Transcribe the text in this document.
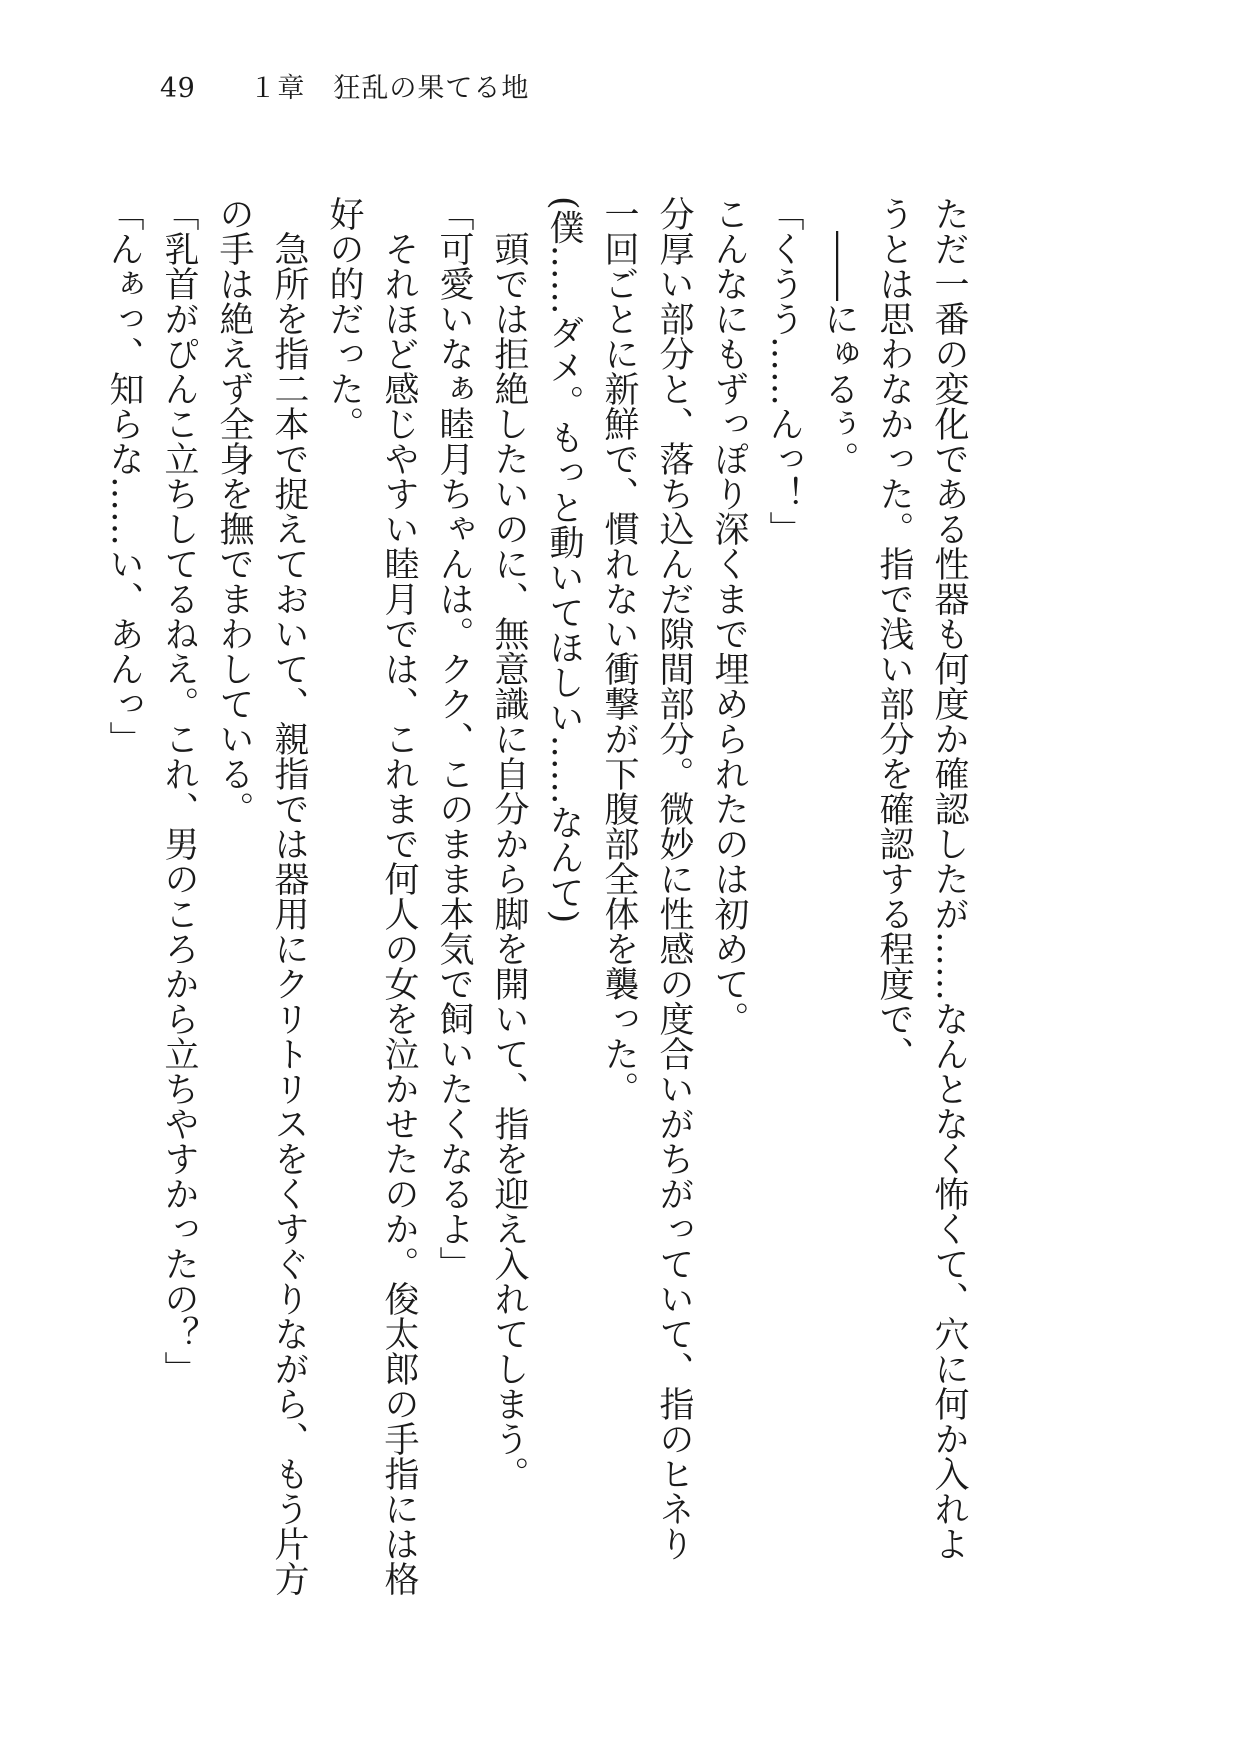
49 １章　狂乱の果てる地
ただ一番の変化である性器も何度か確認したが……なんとなく怖くて、穴に何か入れよ
うとは思わなかった。指で浅い部分を確認する程度で、
　――にゅるぅ。
「くうう……んっ！」
こんなにもずっぽり深くまで埋められたのは初めて。
分厚い部分と、落ち込んだ隙間部分。微妙に性感の度合いがちがっていて、指のヒネり
一回ごとに新鮮で、慣れない衝撃が下腹部全体を襲った。
(僕……ダメ。もっと動いてほしい……なんて)
　頭では拒絶したいのに、無意識に自分から脚を開いて、指を迎え入れてしまう。
「可愛いなぁ睦月ちゃんは。クク、このまま本気で飼いたくなるよ」
　それほど感じやすい睦月では、これまで何人の女を泣かせたのか。俊太郎の手指には格
好の的だった。
　急所を指二本で捉えておいて、親指では器用にクリトリスをくすぐりながら、もう片方
の手は絶えず全身を撫でまわしている。
「乳首がぴんこ立ちしてるねえ。これ、男のころから立ちやすかったの？」
「んぁっ、知らな……い、あんっ」
